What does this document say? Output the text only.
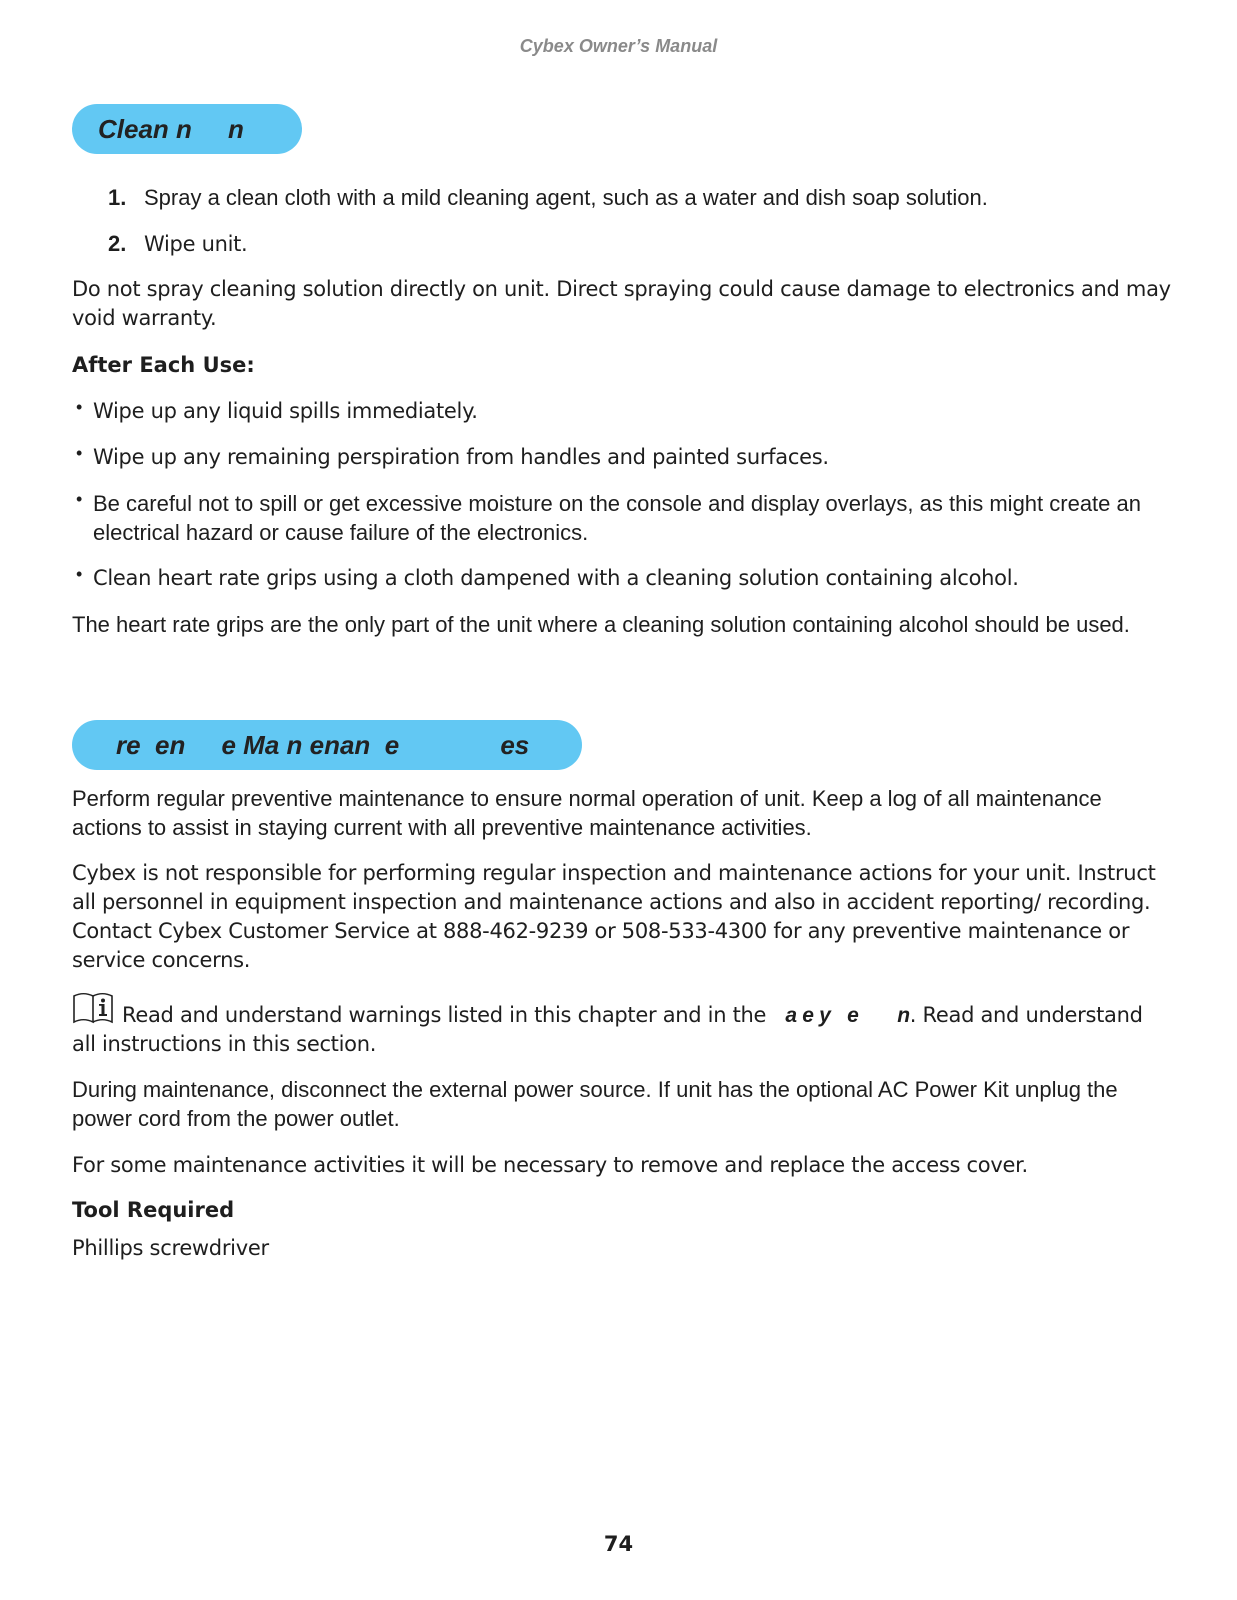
Cybex Owner’s Manual
Clean n     n

1. Spray a clean cloth with a mild cleaning agent, such as a water and dish soap solution.

2. Wipe unit.

Do not spray cleaning solution directly on unit. Direct spraying could cause damage to electronics and may void warranty.

After Each Use:

• Wipe up any liquid spills immediately.

• Wipe up any remaining perspiration from handles and painted surfaces.

• Be careful not to spill or get excessive moisture on the console and display overlays, as this might create an electrical hazard or cause failure of the electronics.

• Clean heart rate grips using a cloth dampened with a cleaning solution containing alcohol.

The heart rate grips are the only part of the unit where a cleaning solution containing alcohol should be used.

re  en     e Ma n enan  e              es

Perform regular preventive maintenance to ensure normal operation of unit. Keep a log of all maintenance actions to assist in staying current with all preventive maintenance activities.

Cybex is not responsible for performing regular inspection and maintenance actions for your unit. Instruct all personnel in equipment inspection and maintenance actions and also in accident reporting/ recording. Contact Cybex Customer Service at 888-462-9239 or 508-533-4300 for any preventive maintenance or service concerns.

Read and understand warnings listed in this chapter and in the a e y   e       n. Read and understand all instructions in this section.

During maintenance, disconnect the external power source. If unit has the optional AC Power Kit unplug the power cord from the power outlet.

For some maintenance activities it will be necessary to remove and replace the access cover.

Tool Required

Phillips screwdriver

74
